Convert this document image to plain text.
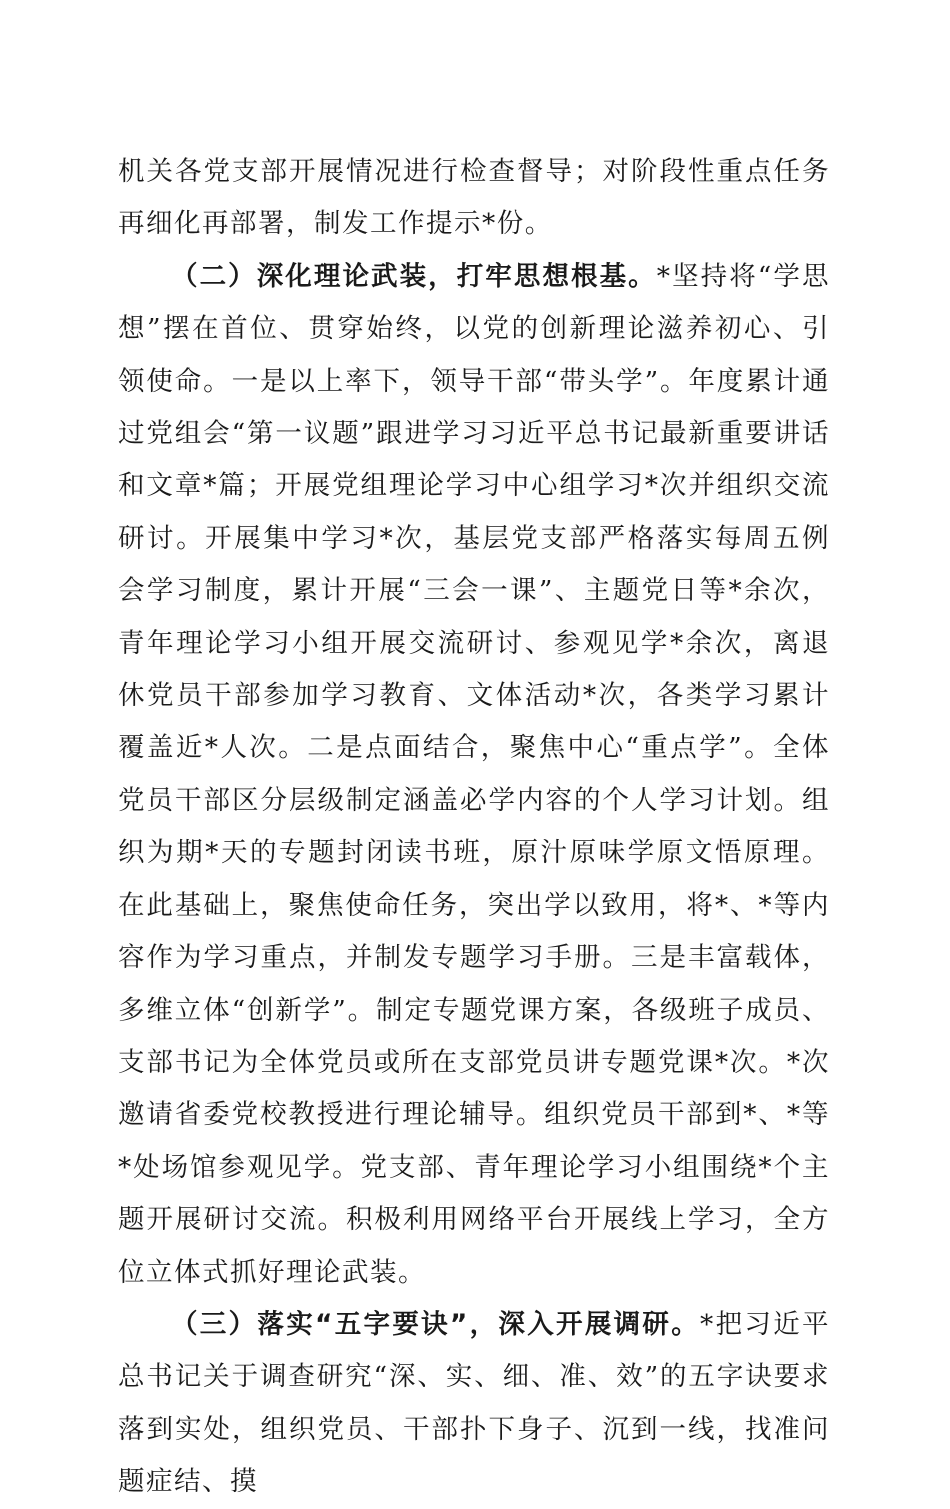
机关各党支部开展情况进行检查督导；对阶段性重点任务再细化再部署，制发工作提示*份。

（二）深化理论武装，打牢思想根基。*坚持将“学思想”摆在首位、贯穿始终，以党的创新理论滋养初心、引领使命。一是以上率下，领导干部“带头学”。年度累计通过党组会“第一议题”跟进学习习近平总书记最新重要讲话和文章*篇；开展党组理论学习中心组学习*次并组织交流研讨。开展集中学习*次，基层党支部严格落实每周五例会学习制度，累计开展“三会一课”、主题党日等*余次，青年理论学习小组开展交流研讨、参观见学*余次，离退休党员干部参加学习教育、文体活动*次，各类学习累计覆盖近*人次。二是点面结合，聚焦中心“重点学”。全体党员干部区分层级制定涵盖必学内容的个人学习计划。组织为期*天的专题封闭读书班，原汁原味学原文悟原理。在此基础上，聚焦使命任务，突出学以致用，将*、*等内容作为学习重点，并制发专题学习手册。三是丰富载体，多维立体“创新学”。制定专题党课方案，各级班子成员、支部书记为全体党员或所在支部党员讲专题党课*次。*次邀请省委党校教授进行理论辅导。组织党员干部到*、*等*处场馆参观见学。党支部、青年理论学习小组围绕*个主题开展研讨交流。积极利用网络平台开展线上学习，全方位立体式抓好理论武装。

（三）落实“五字要诀”，深入开展调研。*把习近平总书记关于调查研究“深、实、细、准、效”的五字诀要求落到实处，组织党员、干部扑下身子、沉到一线，找准问题症结、摸
